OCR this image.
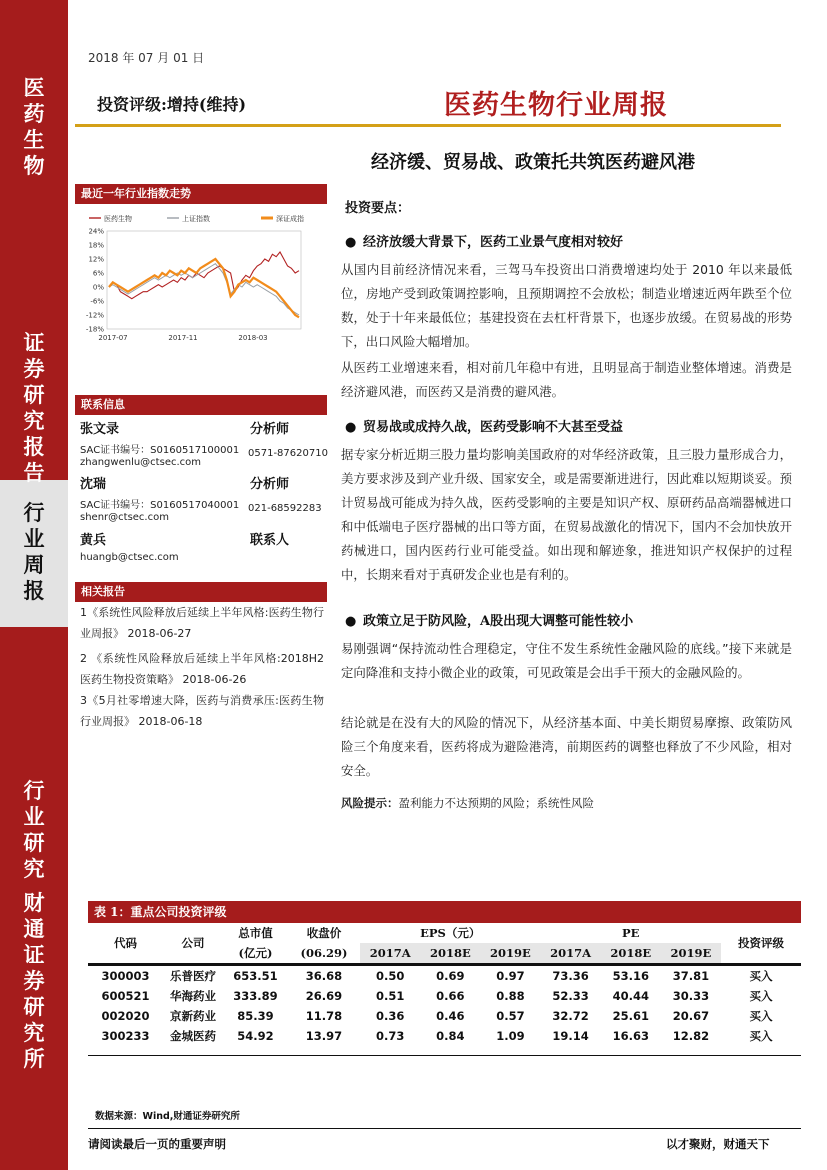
医
药
生
物
证
券
研
究
报
告
行
业
周
报
行
业
研
究
财
通
证
券
研
究
所
2018 年 07 月 01 日
投资评级:增持(维持)	医药生物行业周报
经济缓、贸易战、政策托共筑医药避风港
最近一年行业指数走势
24%
18%
12%
6%
0%
-6%
-12%
-18%
2017-07	2017-11	2018-03
医药生物	上证指数	深证成指
联系信息
张文录	分析师
SAC证书编号：S0160517100001 0571-87620710
zhangwenlu@ctsec.com
沈瑞	分析师
SAC证书编号：S0160517040001 021-68592283
shenr@ctsec.com
黄兵	联系人
huangb@ctsec.com
相关报告
1《系统性风险释放后延续上半年风格:医药生物行业周报》 2018-06-27
2 《系统性风险释放后延续上半年风格:2018H2 医药生物投资策略》 2018-06-26
3《5月社零增速大降，医药与消费承压:医药生物行业周报》 2018-06-18
投资要点：
● 经济放缓大背景下，医药工业景气度相对较好
从国内目前经济情况来看，三驾马车投资出口消费增速均处于 2010 年以来最低位，房地产受到政策调控影响，且预期调控不会放松；制造业增速近两年跌至个位数，处于十年来最低位；基建投资在去杠杆背景下，也逐步放缓。在贸易战的形势下，出口风险大幅增加。
从医药工业增速来看，相对前几年稳中有进，且明显高于制造业整体增速。消费是经济避风港，而医药又是消费的避风港。
● 贸易战或成持久战，医药受影响不大甚至受益
据专家分析近期三股力量均影响美国政府的对华经济政策，且三股力量形成合力，美方要求涉及到产业升级、国家安全，或是需要渐进进行，因此难以短期谈妥。预计贸易战可能成为持久战，医药受影响的主要是知识产权、原研药品高端器械进口和中低端电子医疗器械的出口等方面，在贸易战激化的情况下，国内不会加快放开药械进口，国内医药行业可能受益。如出现和解迹象，推进知识产权保护的过程中，长期来看对于真研发企业也是有利的。
● 政策立足于防风险，A股出现大调整可能性较小
易刚强调“保持流动性合理稳定，守住不发生系统性金融风险的底线。”接下来就是定向降准和支持小微企业的政策，可见政策是会出手干预大的金融风险的。
结论就是在没有大的风险的情况下，从经济基本面、中美长期贸易摩擦、政策防风险三个角度来看，医药将成为避险港湾，前期医药的调整也释放了不少风险，相对安全。
风险提示：盈利能力不达预期的风险；系统性风险
表 1：重点公司投资评级
代码	公司	总市值	收盘价	EPS（元）			PE			投资评级
		(亿元)	(06.29)	2017A	2018E	2019E	2017A	2018E	2019E	

300003	乐普医疗	653.51	36.68	0.50	0.69	0.97	73.36	53.16	37.81	买入
600521	华海药业	333.89	26.69	0.51	0.66	0.88	52.33	40.44	30.33	买入
002020	京新药业	85.39	11.78	0.36	0.46	0.57	32.72	25.61	20.67	买入
300233	金城医药	54.92	13.97	0.73	0.84	1.09	19.14	16.63	12.82	买入
数据来源：Wind,财通证券研究所
请阅读最后一页的重要声明	以才聚财，财通天下
